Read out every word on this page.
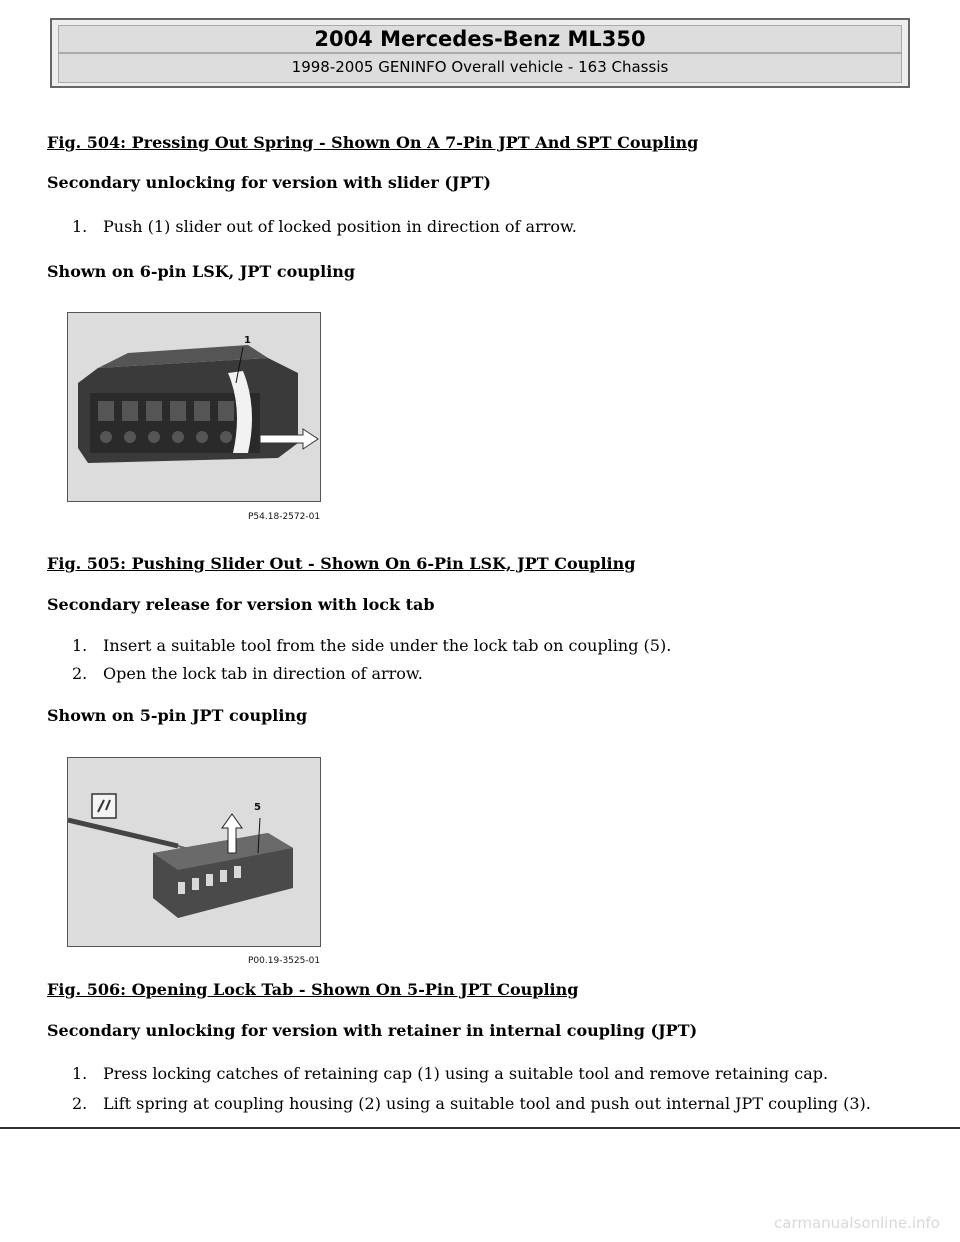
2004 Mercedes-Benz ML350
1998-2005 GENINFO Overall vehicle - 163 Chassis
Fig. 504: Pressing Out Spring - Shown On A 7-Pin JPT And SPT Coupling
Secondary unlocking for version with slider (JPT)
1. Push (1) slider out of locked position in direction of arrow.
Shown on 6-pin LSK, JPT coupling
1
P54.18-2572-01
Fig. 505: Pushing Slider Out - Shown On 6-Pin LSK, JPT Coupling
Secondary release for version with lock tab
1. Insert a suitable tool from the side under the lock tab on coupling (5).
2. Open the lock tab in direction of arrow.
Shown on 5-pin JPT coupling
5
P00.19-3525-01
Fig. 506: Opening Lock Tab - Shown On 5-Pin JPT Coupling
Secondary unlocking for version with retainer in internal coupling (JPT)
1. Press locking catches of retaining cap (1) using a suitable tool and remove retaining cap.
2. Lift spring at coupling housing (2) using a suitable tool and push out internal JPT coupling (3).
carmanualsonline.info
